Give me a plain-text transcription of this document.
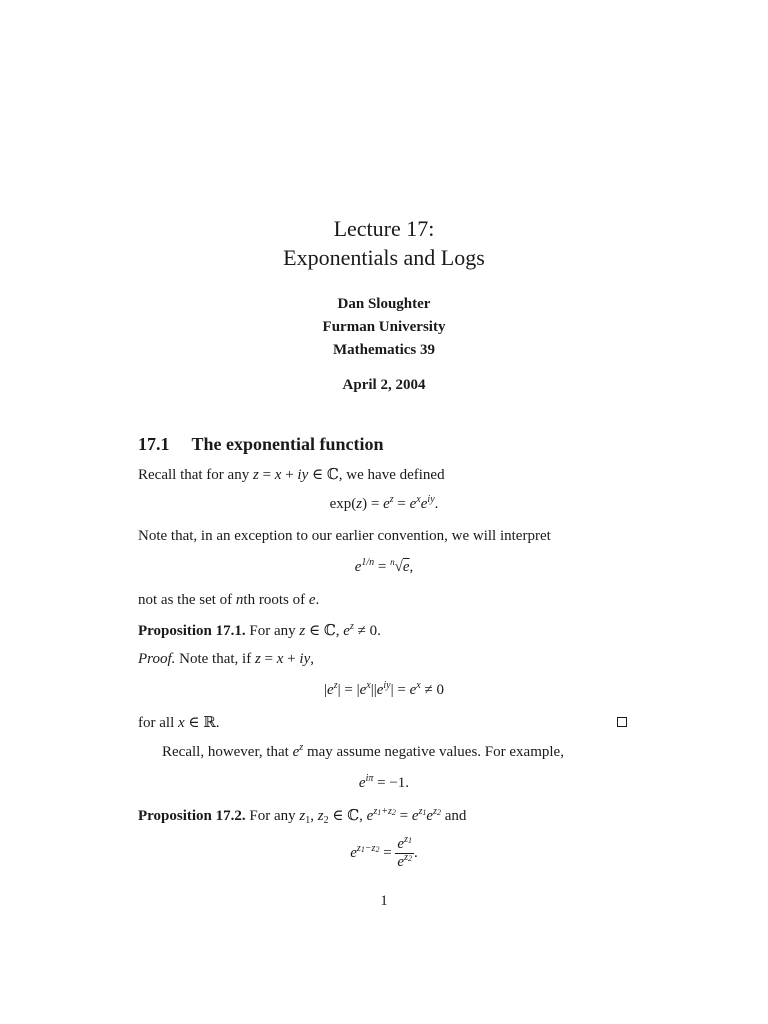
Lecture 17:
Exponentials and Logs
Dan Sloughter
Furman University
Mathematics 39
April 2, 2004
17.1 The exponential function
Recall that for any z = x + iy ∈ ℂ, we have defined
$\exp(z) = e^z = e^xe^{iy}$.
Note that, in an exception to our earlier convention, we will interpret
$e^{1/n} = ^n√e$,
not as the set of nth roots of e.
Proposition 17.1. For any z ∈ ℂ, $e^z \ne 0$.
Proof. Note that, if z = x + iy,
$|e^z| = |e^x||e^{iy}| = e^x \ne 0$
for all x ∈ ℝ.
Recall, however, that $e^z$ may assume negative values. For example,
$e^{i\pi} = -1$.
Proposition 17.2. For any $z_1$, $z_2$ ∈ ℂ, $e^{z_1+z_2} = e^{z_1}e^{z_2}$ and
$e^{z_1-z_2} = \frac{e^{z_1}}{e^{z_2}}$ .
1
